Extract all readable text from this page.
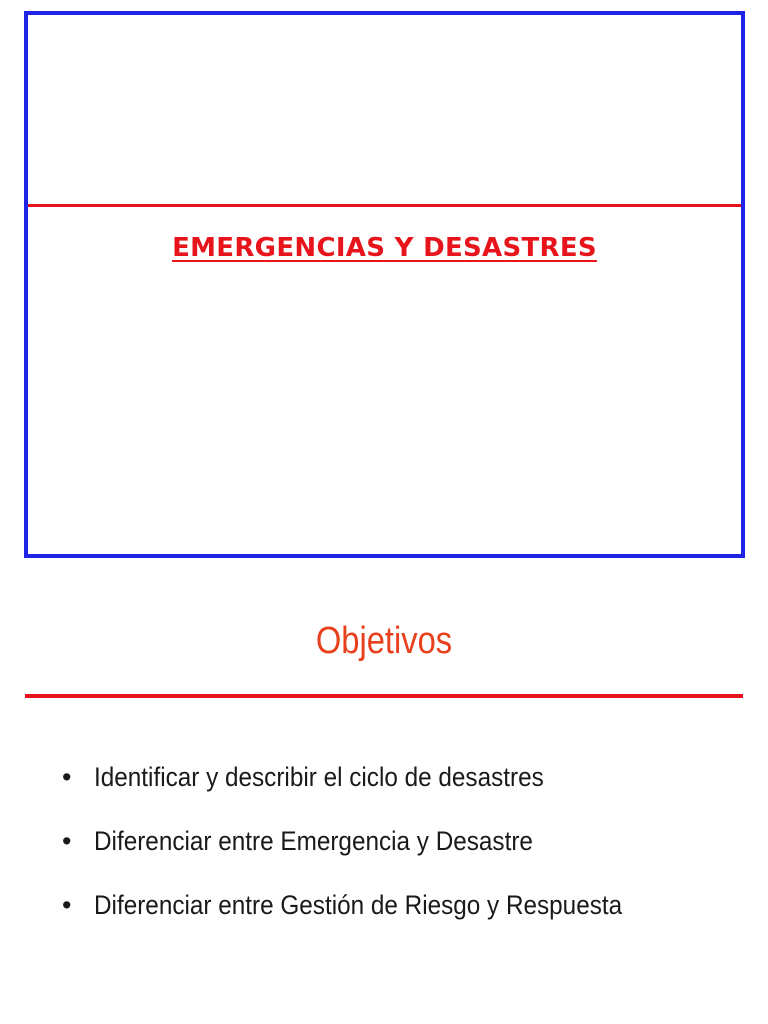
EMERGENCIAS Y DESASTRES
Objetivos
• Identificar y describir el ciclo de desastres
• Diferenciar entre Emergencia y Desastre
• Diferenciar entre Gestión de Riesgo y Respuesta
